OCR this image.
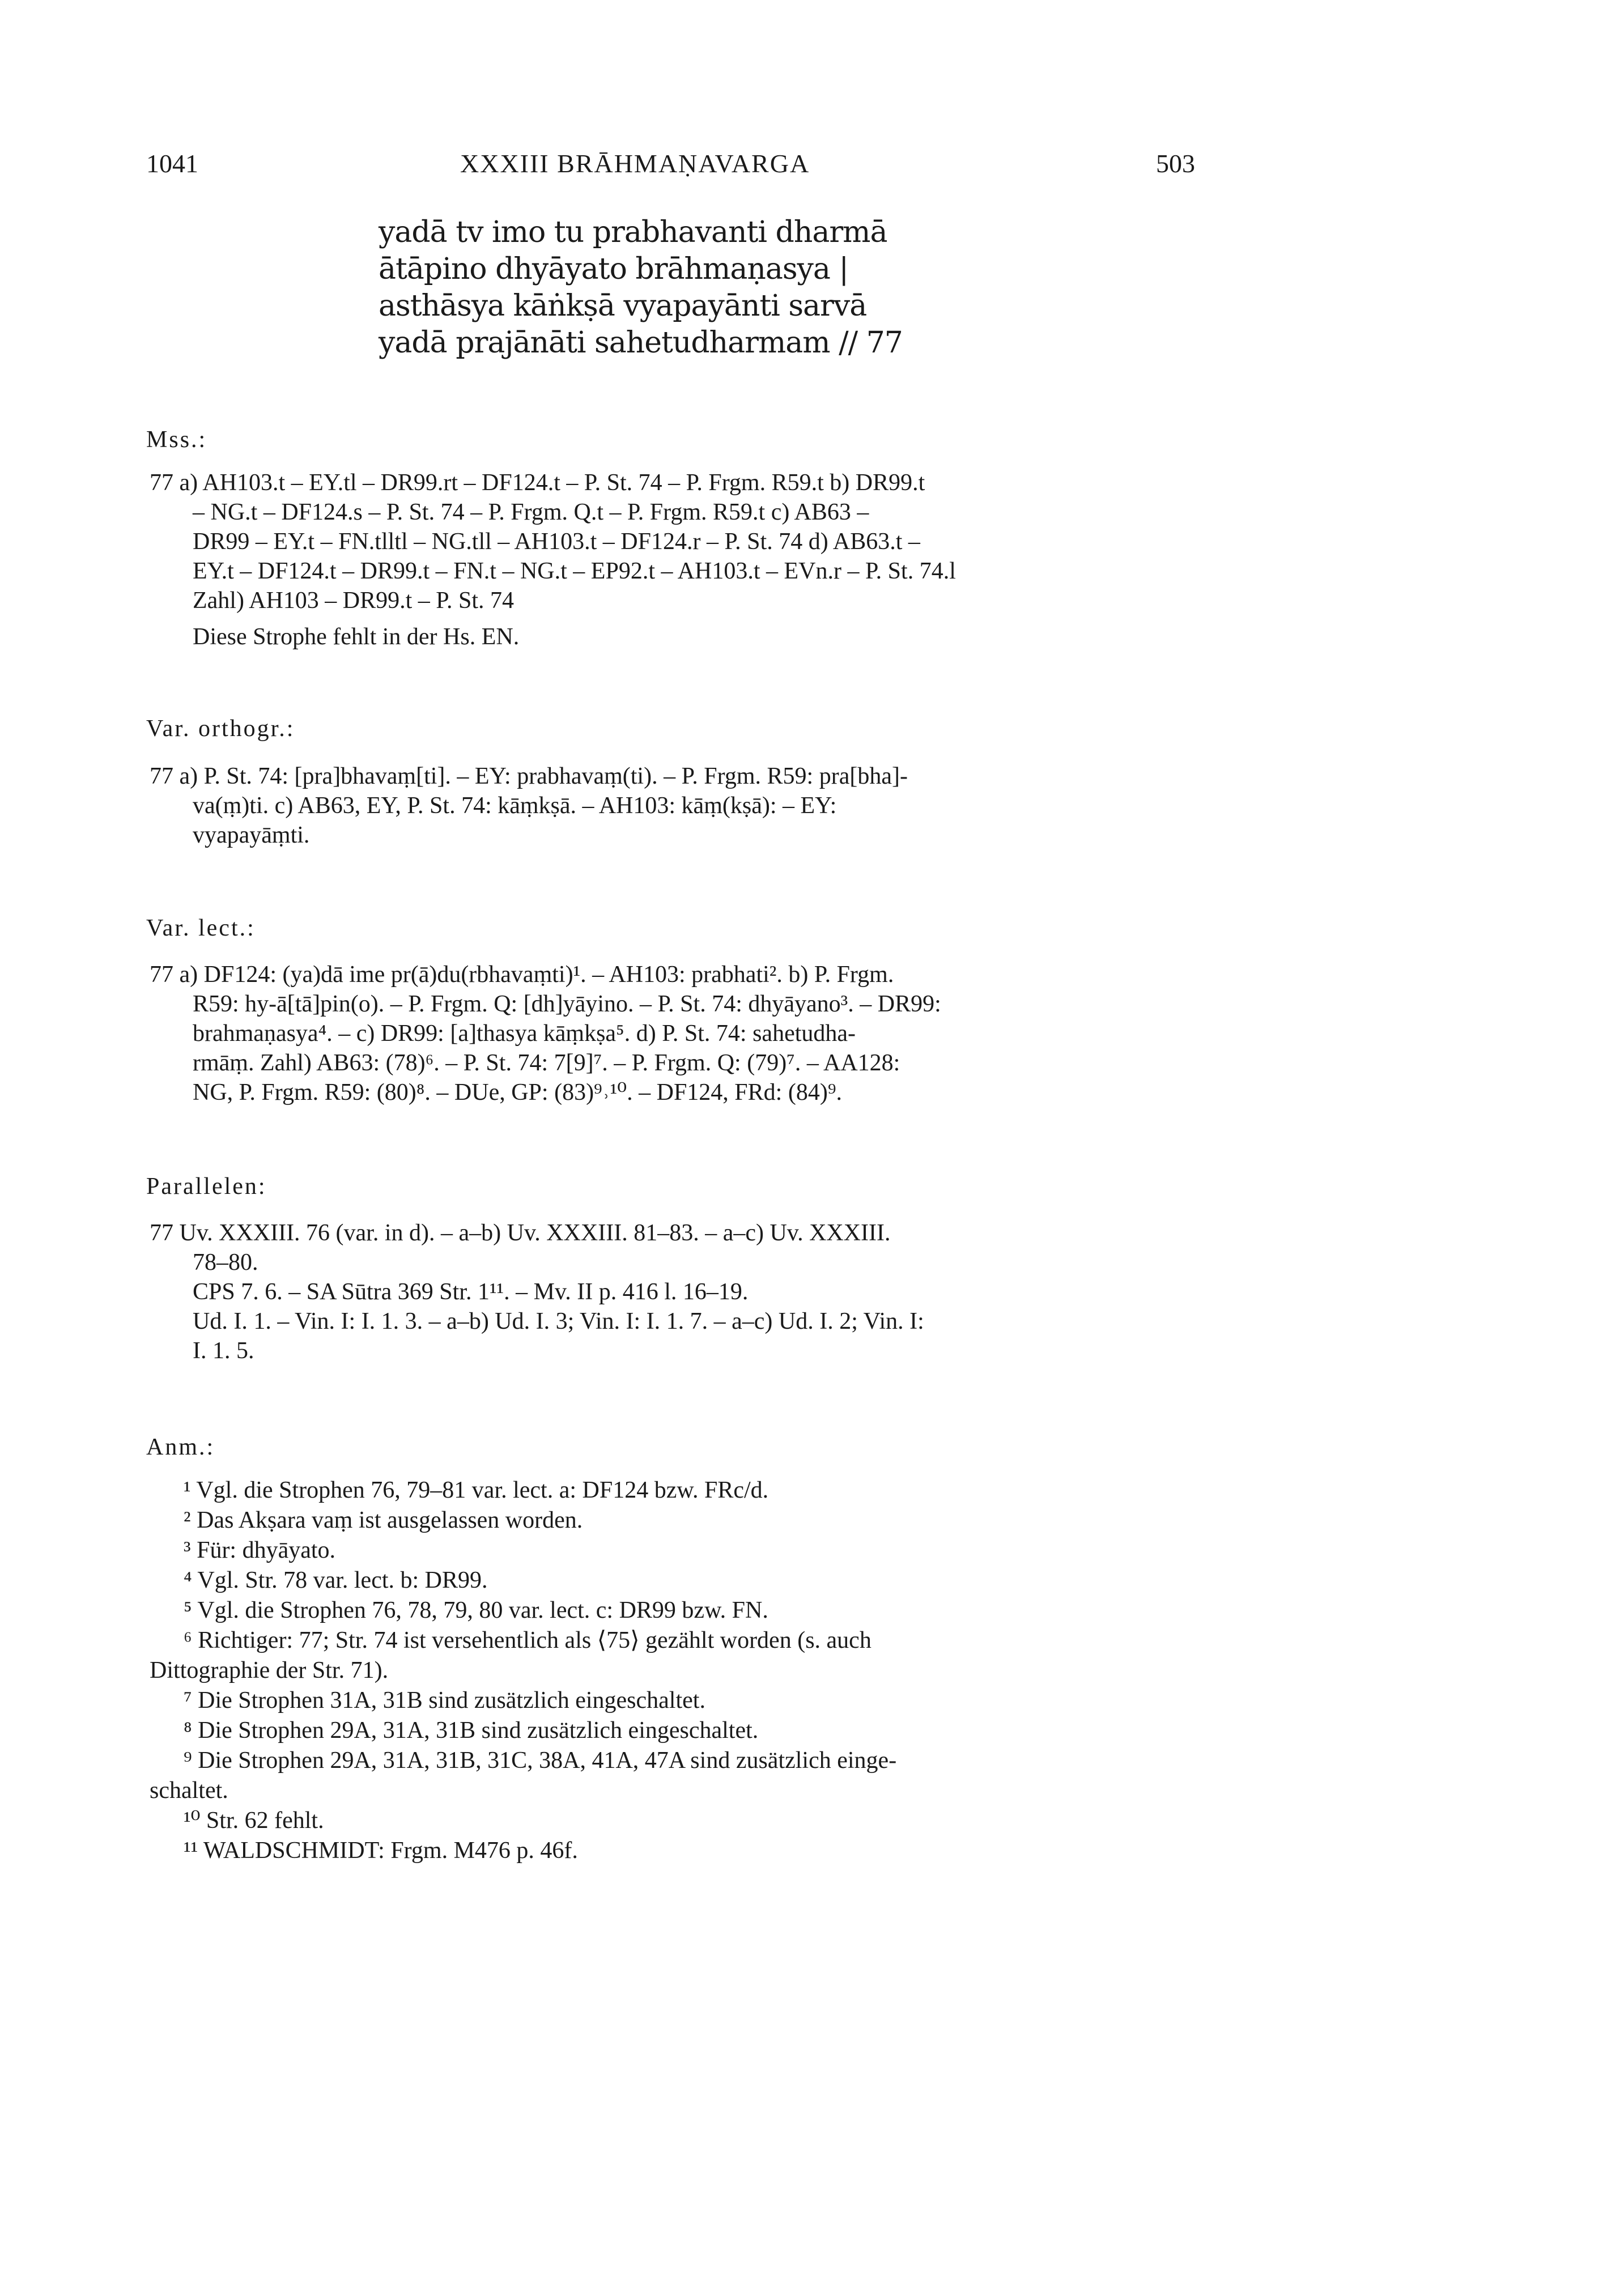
1041	XXXIII BRĀHMAṆAVARGA	503
yadā tv imo tu prabhavanti dharmā
ātāpino dhyāyato brāhmaṇasya |
asthāsya kāṅkṣā vyapayānti sarvā
yadā prajānāti sahetudharmam // 77
Mss.:
77 a) AH103.t – EY.tl – DR99.rt – DF124.t – P. St. 74 – P. Frgm. R59.t b) DR99.t
– NG.t – DF124.s – P. St. 74 – P. Frgm. Q.t – P. Frgm. R59.t c) AB63 –
DR99 – EY.t – FN.tlltl – NG.tll – AH103.t – DF124.r – P. St. 74 d) AB63.t –
EY.t – DF124.t – DR99.t – FN.t – NG.t – EP92.t – AH103.t – EVn.r – P. St. 74.l
Zahl) AH103 – DR99.t – P. St. 74
Diese Strophe fehlt in der Hs. EN.
Var. orthogr.:
77 a) P. St. 74: [pra]bhavaṃ[ti]. – EY: prabhavaṃ(ti). – P. Frgm. R59: pra[bha]-
va(ṃ)ti. c) AB63, EY, P. St. 74: kāṃkṣā. – AH103: kāṃ(kṣā): – EY:
vyapayāṃti.
Var. lect.:
77 a) DF124: (ya)dā ime pr(ā)du(rbhavaṃti)¹. – AH103: prabhati². b) P. Frgm.
R59: hy‑ā[tā]pin(o). – P. Frgm. Q: [dh]yāyino. – P. St. 74: dhyāyano³. – DR99:
brahmaṇasya⁴. – c) DR99: [a]thasya kāṃkṣa⁵. d) P. St. 74: sahetudha-
rmāṃ. Zahl) AB63: (78)⁶. – P. St. 74: 7[9]⁷. – P. Frgm. Q: (79)⁷. – AA128:
NG, P. Frgm. R59: (80)⁸. – DUe, GP: (83)⁹˒¹⁰. – DF124, FRd: (84)⁹.
Parallelen:
77 Uv. XXXIII. 76 (var. in d). – a–b) Uv. XXXIII. 81–83. – a–c) Uv. XXXIII.
78–80.
CPS 7. 6. – SA Sūtra 369 Str. 1¹¹. – Mv. II p. 416 l. 16–19.
Ud. I. 1. – Vin. I: I. 1. 3. – a–b) Ud. I. 3; Vin. I: I. 1. 7. – a–c) Ud. I. 2; Vin. I:
I. 1. 5.
Anm.:
¹ Vgl. die Strophen 76, 79–81 var. lect. a: DF124 bzw. FRc/d.
² Das Akṣara vaṃ ist ausgelassen worden.
³ Für: dhyāyato.
⁴ Vgl. Str. 78 var. lect. b: DR99.
⁵ Vgl. die Strophen 76, 78, 79, 80 var. lect. c: DR99 bzw. FN.
⁶ Richtiger: 77; Str. 74 ist versehentlich als ⟨75⟩ gezählt worden (s. auch
Dittographie der Str. 71).
⁷ Die Strophen 31A, 31B sind zusätzlich eingeschaltet.
⁸ Die Strophen 29A, 31A, 31B sind zusätzlich eingeschaltet.
⁹ Die Strophen 29A, 31A, 31B, 31C, 38A, 41A, 47A sind zusätzlich einge-
schaltet.
¹⁰ Str. 62 fehlt.
¹¹ WALDSCHMIDT: Frgm. M476 p. 46f.
